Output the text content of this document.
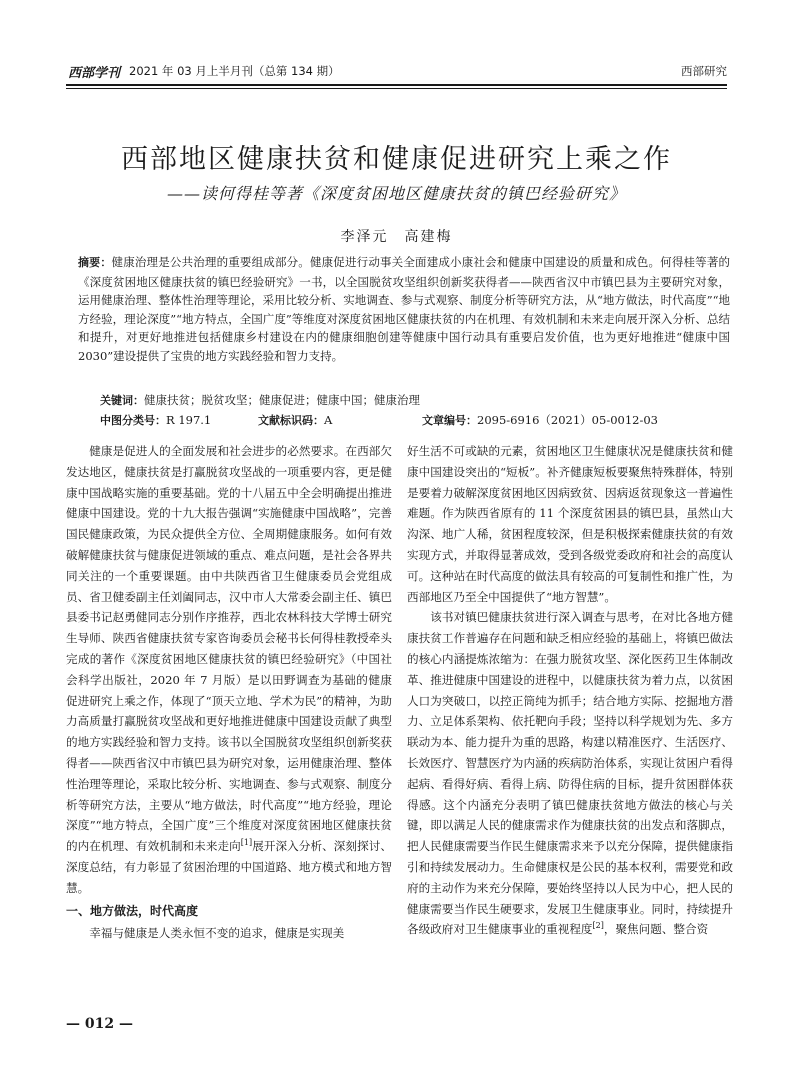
西部学刊 2021 年 03 月上半月刊（总第 134 期）	西部研究
西部地区健康扶贫和健康促进研究上乘之作
——读何得桂等著《深度贫困地区健康扶贫的镇巴经验研究》
李泽元　高建梅
摘要：健康治理是公共治理的重要组成部分。健康促进行动事关全面建成小康社会和健康中国建设的质量和成色。何得桂等著的《深度贫困地区健康扶贫的镇巴经验研究》一书，以全国脱贫攻坚组织创新奖获得者——陕西省汉中市镇巴县为主要研究对象，运用健康治理、整体性治理等理论，采用比较分析、实地调查、参与式观察、制度分析等研究方法，从“地方做法，时代高度”“地方经验，理论深度”“地方特点，全国广度”等维度对深度贫困地区健康扶贫的内在机理、有效机制和未来走向展开深入分析、总结和提升，对更好地推进包括健康乡村建设在内的健康细胞创建等健康中国行动具有重要启发价值，也为更好地推进“健康中国 2030”建设提供了宝贵的地方实践经验和智力支持。
关键词：健康扶贫；脱贫攻坚；健康促进；健康中国；健康治理
中图分类号：R 197.1	文献标识码：A	文章编号：2095-6916（2021）05-0012-03

健康是促进人的全面发展和社会进步的必然要求。在西部欠发达地区，健康扶贫是打赢脱贫攻坚战的一项重要内容，更是健康中国战略实施的重要基础。党的十八届五中全会明确提出推进健康中国建设。党的十九大报告强调“实施健康中国战略”，完善国民健康政策，为民众提供全方位、全周期健康服务。如何有效破解健康扶贫与健康促进领域的重点、难点问题，是社会各界共同关注的一个重要课题。由中共陕西省卫生健康委员会党组成员、省卫健委副主任刘阖同志，汉中市人大常委会副主任、镇巴县委书记赵勇健同志分别作序推荐，西北农林科技大学博士研究生导师、陕西省健康扶贫专家咨询委员会秘书长何得桂教授牵头完成的著作《深度贫困地区健康扶贫的镇巴经验研究》（中国社会科学出版社，2020 年 7 月版）是以田野调查为基础的健康促进研究上乘之作，体现了“顶天立地、学术为民”的精神，为助力高质量打赢脱贫攻坚战和更好地推进健康中国建设贡献了典型的地方实践经验和智力支持。该书以全国脱贫攻坚组织创新奖获得者——陕西省汉中市镇巴县为研究对象，运用健康治理、整体性治理等理论，采取比较分析、实地调查、参与式观察、制度分析等研究方法，主要从“地方做法，时代高度”“地方经验，理论深度”“地方特点，全国广度”三个维度对深度贫困地区健康扶贫的内在机理、有效机制和未来走向[1]展开深入分析、深刻探讨、深度总结，有力彰显了贫困治理的中国道路、地方模式和地方智慧。

一、地方做法，时代高度

幸福与健康是人类永恒不变的追求，健康是实现美

好生活不可或缺的元素，贫困地区卫生健康状况是健康扶贫和健康中国建设突出的“短板”。补齐健康短板要聚焦特殊群体，特别是要着力破解深度贫困地区因病致贫、因病返贫现象这一普遍性难题。作为陕西省原有的 11 个深度贫困县的镇巴县，虽然山大沟深、地广人稀，贫困程度较深，但是积极探索健康扶贫的有效实现方式，并取得显著成效，受到各级党委政府和社会的高度认可。这种站在时代高度的做法具有较高的可复制性和推广性，为西部地区乃至全中国提供了“地方智慧”。

该书对镇巴健康扶贫进行深入调查与思考，在对比各地方健康扶贫工作普遍存在问题和缺乏相应经验的基础上，将镇巴做法的核心内涵提炼浓缩为：在强力脱贫攻坚、深化医药卫生体制改革、推进健康中国建设的进程中，以健康扶贫为着力点，以贫困人口为突破口，以控正筒纯为抓手；结合地方实际、挖掘地方潜力、立足体系架构、依托靶向手段；坚持以科学规划为先、多方联动为本、能力提升为重的思路，构建以精准医疗、生活医疗、长效医疗、智慧医疗为内涵的疾病防治体系，实现让贫困户看得起病、看得好病、看得上病、防得住病的目标，提升贫困群体获得感。这个内涵充分表明了镇巴健康扶贫地方做法的核心与关键，即以满足人民的健康需求作为健康扶贫的出发点和落脚点，把人民健康需要当作民生健康需求来予以充分保障，提供健康指引和持续发展动力。生命健康权是公民的基本权利，需要党和政府的主动作为来充分保障，要始终坚持以人民为中心，把人民的健康需要当作民生硬要求，发展卫生健康事业。同时，持续提升各级政府对卫生健康事业的重视程度[2]，聚焦问题、整合资

— 012 —
